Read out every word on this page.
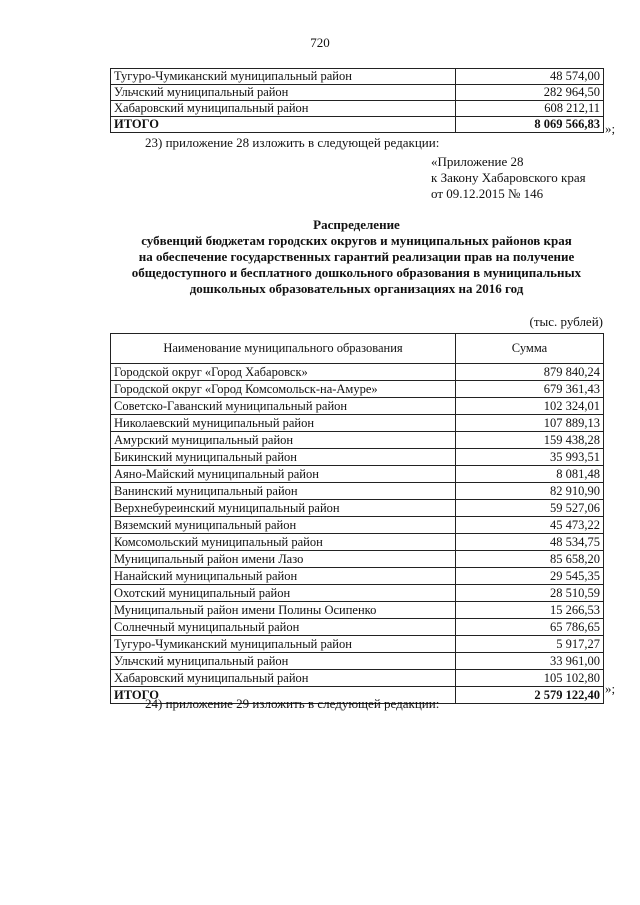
720
Тугуро-Чумиканский муниципальный район	48 574,00
Ульчский муниципальный район	282 964,50
Хабаровский муниципальный район	608 212,11
ИТОГО	8 069 566,83 »;
23) приложение 28 изложить в следующей редакции:
«Приложение 28
к Закону Хабаровского края
от 09.12.2015 № 146
Распределение
субвенций бюджетам городских округов и муниципальных районов края
на обеспечение государственных гарантий реализации прав на получение
общедоступного и бесплатного дошкольного образования в муниципальных
дошкольных образовательных организациях на 2016 год
(тыс. рублей)
Наименование муниципального образования	Сумма
Городской округ «Город Хабаровск»	879 840,24
Городской округ «Город Комсомольск-на-Амуре»	679 361,43
Советско-Гаванский муниципальный район	102 324,01
Николаевский муниципальный район	107 889,13
Амурский муниципальный район	159 438,28
Бикинский муниципальный район	35 993,51
Аяно-Майский муниципальный район	8 081,48
Ванинский муниципальный район	82 910,90
Верхнебуреинский муниципальный район	59 527,06
Вяземский муниципальный район	45 473,22
Комсомольский муниципальный район	48 534,75
Муниципальный район имени Лазо	85 658,20
Нанайский муниципальный район	29 545,35
Охотский муниципальный район	28 510,59
Муниципальный район имени Полины Осипенко	15 266,53
Солнечный муниципальный район	65 786,65
Тугуро-Чумиканский муниципальный район	5 917,27
Ульчский муниципальный район	33 961,00
Хабаровский муниципальный район	105 102,80
ИТОГО	2 579 122,40 »;
24) приложение 29 изложить в следующей редакции:
